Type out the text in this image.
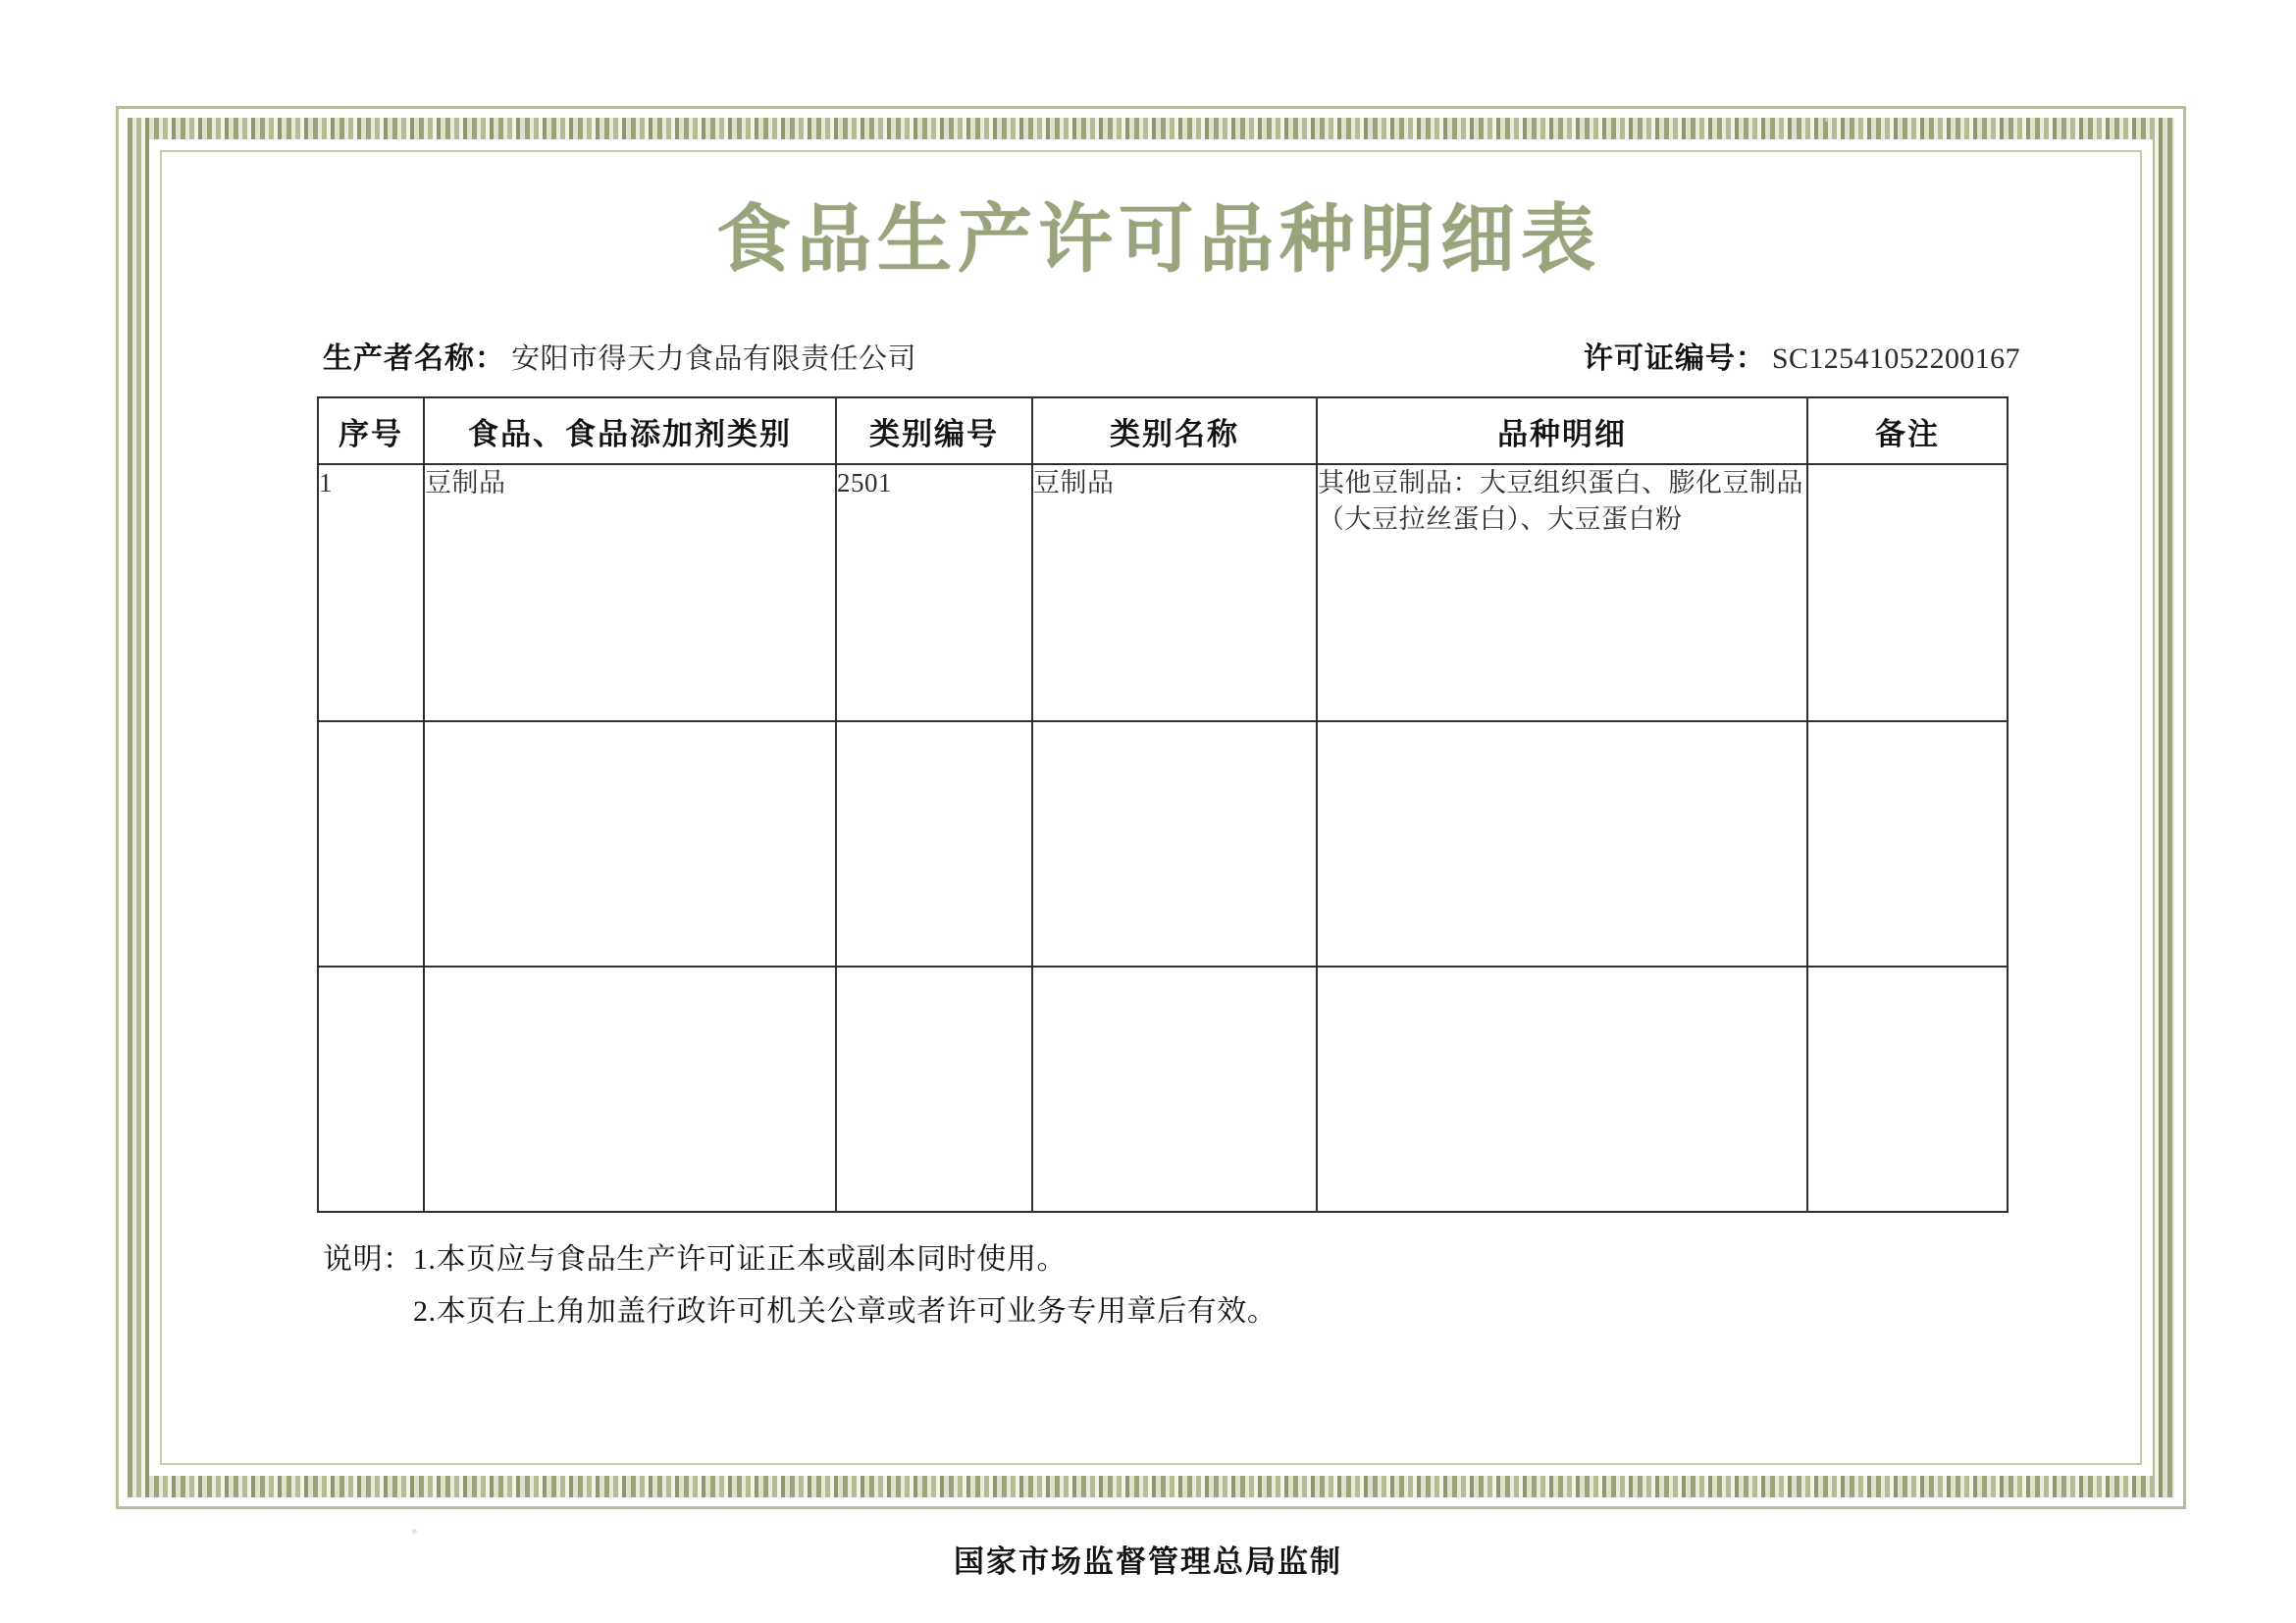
食品生产许可品种明细表
生产者名称： 安阳市得天力食品有限责任公司	许可证编号： SC12541052200167
序号	食品、食品添加剂类别	类别编号	类别名称	品种明细	备注
1	豆制品	2501	豆制品	其他豆制品：大豆组织蛋白、膨化豆制品（大豆拉丝蛋白）、大豆蛋白粉	

说明：1.本页应与食品生产许可证正本或副本同时使用。
2.本页右上角加盖行政许可机关公章或者许可业务专用章后有效。
国家市场监督管理总局监制
